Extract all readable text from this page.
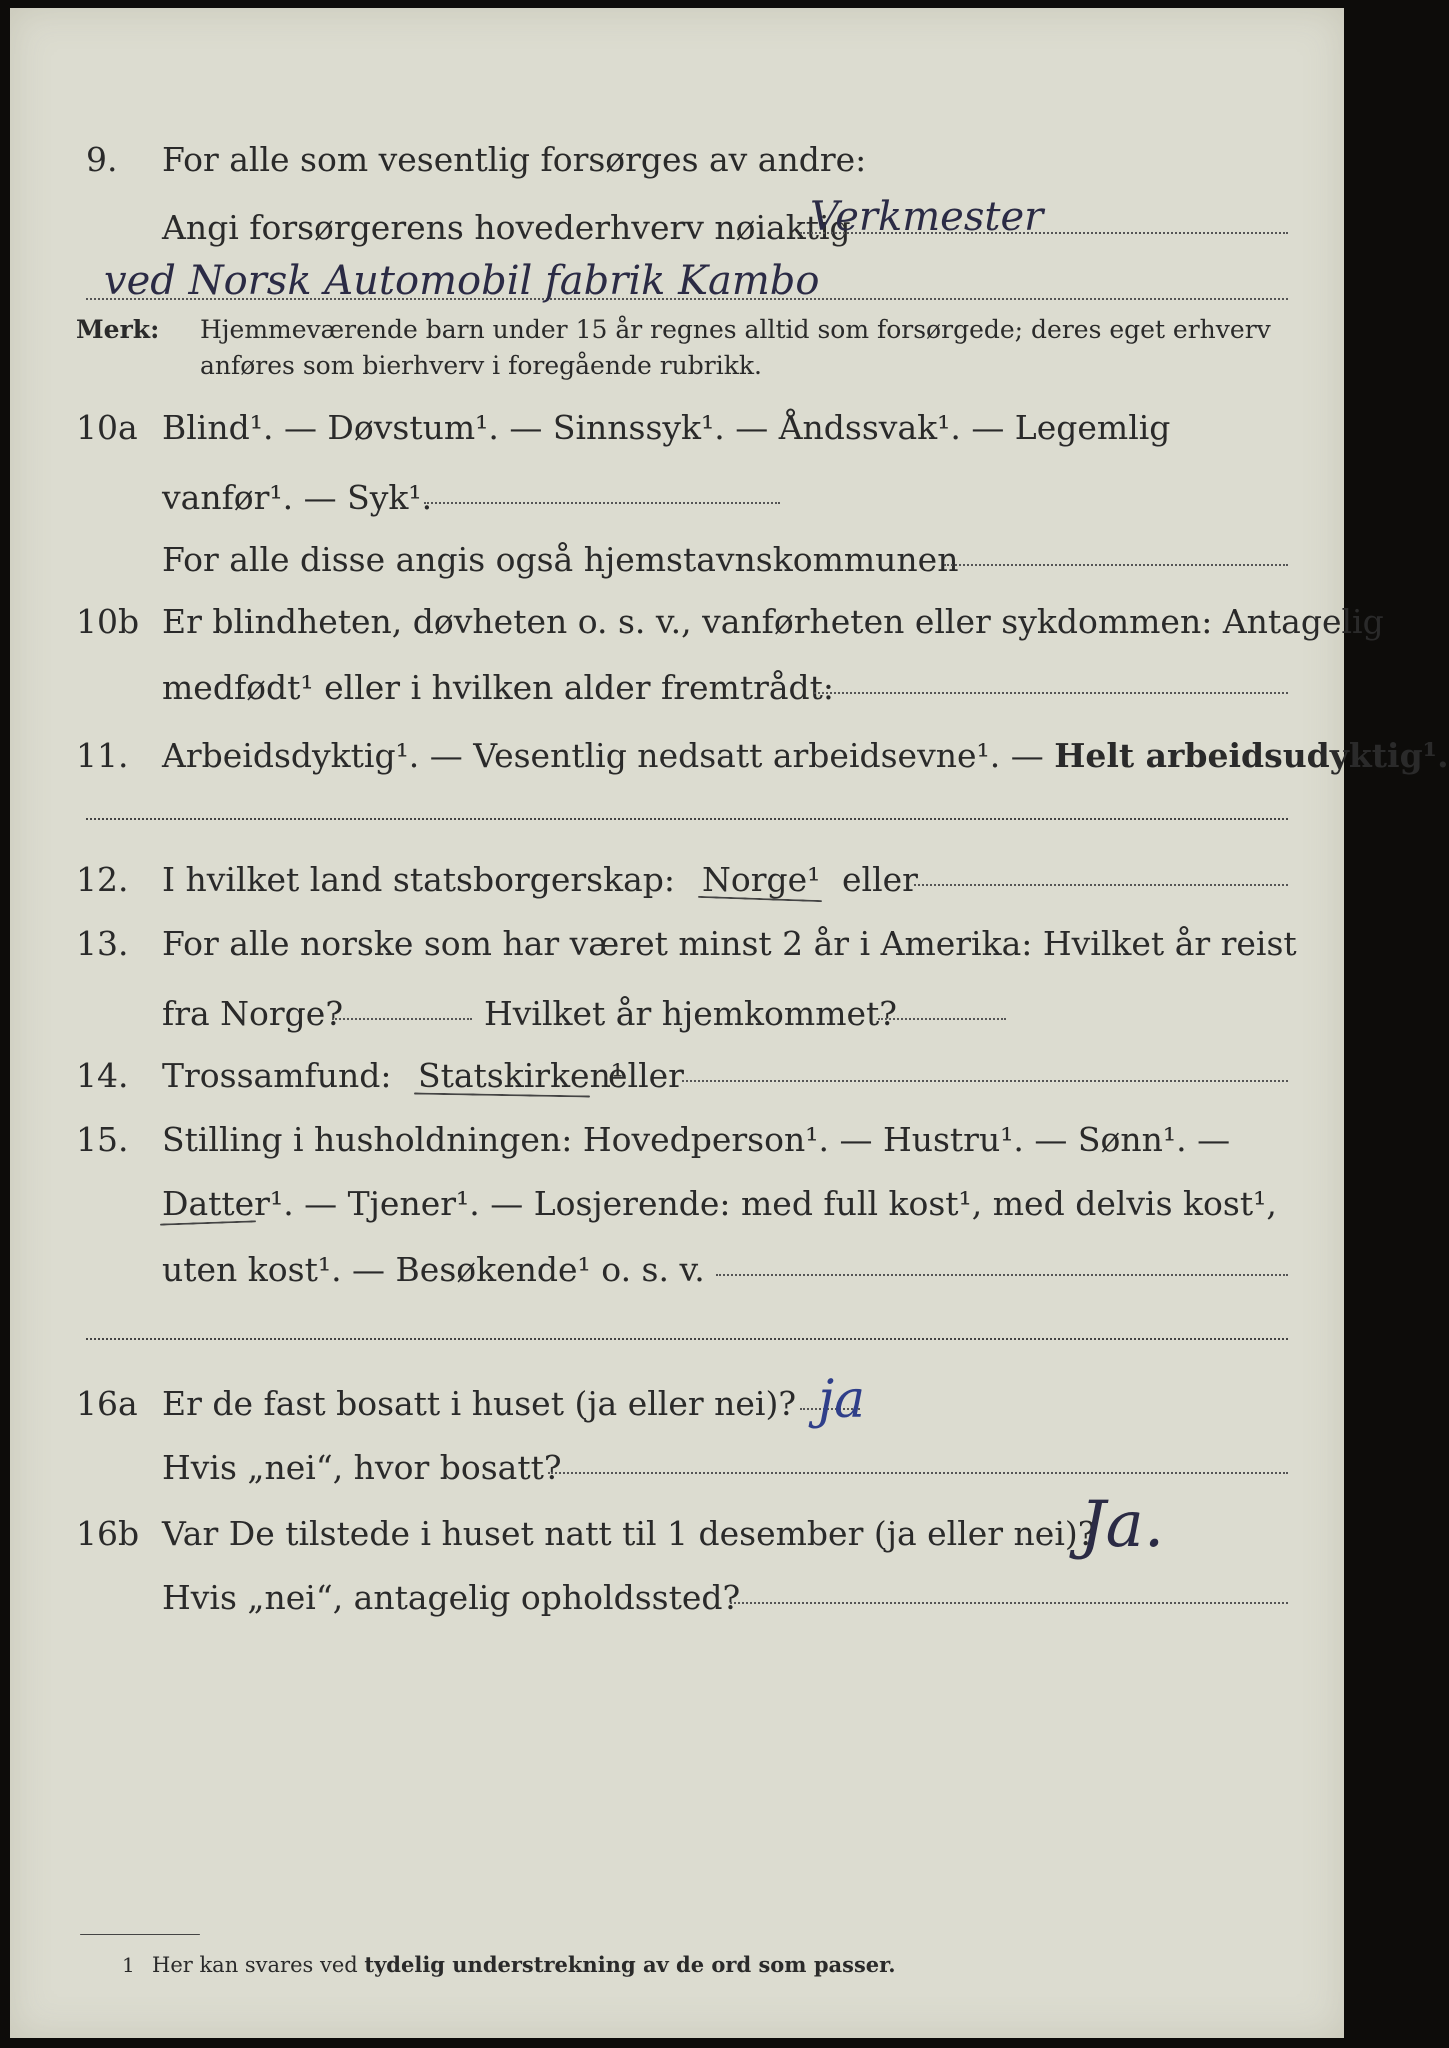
9. For alle som vesentlig forsørges av andre:
Angi forsørgerens hovederhverv nøiaktig
Verkmester
ved Norsk Automobil fabrik Kambo
Merk: Hjemmeværende barn under 15 år regnes alltid som forsørgede; deres eget erhverv
anføres som bierhverv i foregående rubrikk.
10a Blind¹. — Døvstum¹. — Sinnssyk¹. — Åndssvak¹. — Legemlig
vanfør¹. — Syk¹.
For alle disse angis også hjemstavnskommunen
10b Er blindheten, døvheten o. s. v., vanførheten eller sykdommen: Antagelig
medfødt¹ eller i hvilken alder fremtrådt:
11. Arbeidsdyktig¹. — Vesentlig nedsatt arbeidsevne¹. — Helt arbeidsudyktig¹.
12. I hvilket land statsborgerskap: Norge¹ eller
13. For alle norske som har været minst 2 år i Amerika: Hvilket år reist
fra Norge?	Hvilket år hjemkommet?
14. Trossamfund: Statskirken¹
eller
15. Stilling i husholdningen: Hovedperson¹. — Hustru¹. — Sønn¹. —
Datter¹. — Tjener¹. — Losjerende: med full kost¹, med delvis kost¹,
uten kost¹. — Besøkende¹ o. s. v.
16a Er de fast bosatt i huset (ja eller nei)? ja
Hvis „nei“, hvor bosatt?
16b Var De tilstede i huset natt til 1 desember (ja eller nei)?
Ja.
Hvis „nei“, antagelig opholdssted?
1 Her kan svares ved tydelig understrekning av de ord som passer.
